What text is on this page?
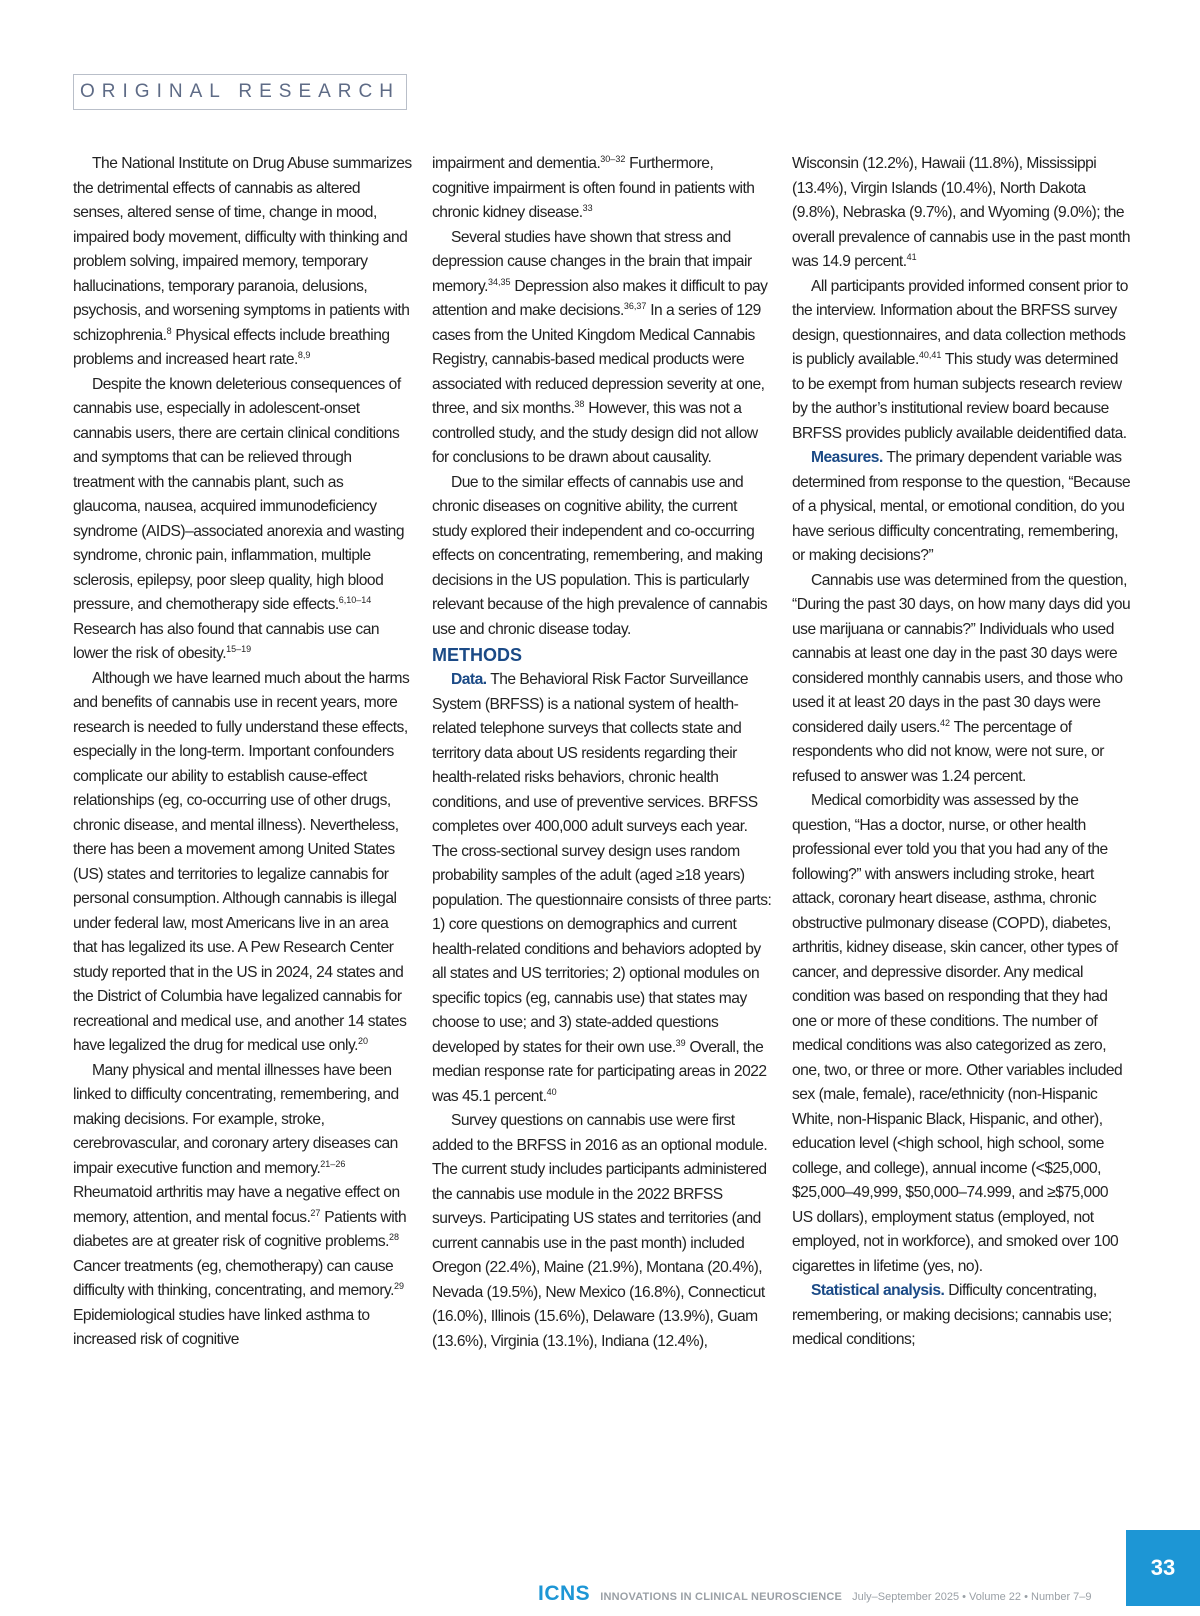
ORIGINAL RESEARCH

The National Institute on Drug Abuse summarizes the detrimental effects of cannabis as altered senses, altered sense of time, change in mood, impaired body movement, difficulty with thinking and problem solving, impaired memory, temporary hallucinations, temporary paranoia, delusions, psychosis, and worsening symptoms in patients with schizophrenia.$^8$ Physical effects include breathing problems and increased heart rate.$^{8,9}$

Despite the known deleterious consequences of cannabis use, especially in adolescent-onset cannabis users, there are certain clinical conditions and symptoms that can be relieved through treatment with the cannabis plant, such as glaucoma, nausea, acquired immunodeficiency syndrome (AIDS)–associated anorexia and wasting syndrome, chronic pain, inflammation, multiple sclerosis, epilepsy, poor sleep quality, high blood pressure, and chemotherapy side effects.$^{6,10-14}$ Research has also found that cannabis use can lower the risk of obesity.$^{15-19}$

Although we have learned much about the harms and benefits of cannabis use in recent years, more research is needed to fully understand these effects, especially in the long-term. Important confounders complicate our ability to establish cause-effect relationships (eg, co-occurring use of other drugs, chronic disease, and mental illness). Nevertheless, there has been a movement among United States (US) states and territories to legalize cannabis for personal consumption. Although cannabis is illegal under federal law, most Americans live in an area that has legalized its use. A Pew Research Center study reported that in the US in 2024, 24 states and the District of Columbia have legalized cannabis for recreational and medical use, and another 14 states have legalized the drug for medical use only.$^{20}$

Many physical and mental illnesses have been linked to difficulty concentrating, remembering, and making decisions. For example, stroke, cerebrovascular, and coronary artery diseases can impair executive function and memory.$^{21-26}$ Rheumatoid arthritis may have a negative effect on memory, attention, and mental focus.$^{27}$ Patients with diabetes are at greater risk of cognitive problems.$^{28}$ Cancer treatments (eg, chemotherapy) can cause difficulty with thinking, concentrating, and memory.$^{29}$ Epidemiological studies have linked asthma to increased risk of cognitive

impairment and dementia.$^{30-32}$ Furthermore, cognitive impairment is often found in patients with chronic kidney disease.$^{33}$

Several studies have shown that stress and depression cause changes in the brain that impair memory.$^{34,35}$ Depression also makes it difficult to pay attention and make decisions.$^{36,37}$ In a series of 129 cases from the United Kingdom Medical Cannabis Registry, cannabis-based medical products were associated with reduced depression severity at one, three, and six months.$^{38}$ However, this was not a controlled study, and the study design did not allow for conclusions to be drawn about causality.

Due to the similar effects of cannabis use and chronic diseases on cognitive ability, the current study explored their independent and co-occurring effects on concentrating, remembering, and making decisions in the US population. This is particularly relevant because of the high prevalence of cannabis use and chronic disease today.

METHODS

Data. The Behavioral Risk Factor Surveillance System (BRFSS) is a national system of health-related telephone surveys that collects state and territory data about US residents regarding their health-related risks behaviors, chronic health conditions, and use of preventive services. BRFSS completes over 400,000 adult surveys each year. The cross-sectional survey design uses random probability samples of the adult (aged ≥18 years) population. The questionnaire consists of three parts: 1) core questions on demographics and current health-related conditions and behaviors adopted by all states and US territories; 2) optional modules on specific topics (eg, cannabis use) that states may choose to use; and 3) state-added questions developed by states for their own use.$^{39}$ Overall, the median response rate for participating areas in 2022 was 45.1 percent.$^{40}$

Survey questions on cannabis use were first added to the BRFSS in 2016 as an optional module. The current study includes participants administered the cannabis use module in the 2022 BRFSS surveys. Participating US states and territories (and current cannabis use in the past month) included Oregon (22.4%), Maine (21.9%), Montana (20.4%), Nevada (19.5%), New Mexico (16.8%), Connecticut (16.0%), Illinois (15.6%), Delaware (13.9%), Guam (13.6%), Virginia (13.1%), Indiana (12.4%),

Wisconsin (12.2%), Hawaii (11.8%), Mississippi (13.4%), Virgin Islands (10.4%), North Dakota (9.8%), Nebraska (9.7%), and Wyoming (9.0%); the overall prevalence of cannabis use in the past month was 14.9 percent.$^{41}$

All participants provided informed consent prior to the interview. Information about the BRFSS survey design, questionnaires, and data collection methods is publicly available.$^{40,41}$ This study was determined to be exempt from human subjects research review by the author’s institutional review board because BRFSS provides publicly available deidentified data.

Measures. The primary dependent variable was determined from response to the question, “Because of a physical, mental, or emotional condition, do you have serious difficulty concentrating, remembering, or making decisions?”

Cannabis use was determined from the question, “During the past 30 days, on how many days did you use marijuana or cannabis?” Individuals who used cannabis at least one day in the past 30 days were considered monthly cannabis users, and those who used it at least 20 days in the past 30 days were considered daily users.$^{42}$ The percentage of respondents who did not know, were not sure, or refused to answer was 1.24 percent.

Medical comorbidity was assessed by the question, “Has a doctor, nurse, or other health professional ever told you that you had any of the following?” with answers including stroke, heart attack, coronary heart disease, asthma, chronic obstructive pulmonary disease (COPD), diabetes, arthritis, kidney disease, skin cancer, other types of cancer, and depressive disorder. Any medical condition was based on responding that they had one or more of these conditions. The number of medical conditions was also categorized as zero, one, two, or three or more. Other variables included sex (male, female), race/ethnicity (non-Hispanic White, non-Hispanic Black, Hispanic, and other), education level (<high school, high school, some college, and college), annual income (<$25,000, $25,000–49,999, $50,000–74.999, and ≥$75,000 US dollars), employment status (employed, not employed, not in workforce), and smoked over 100 cigarettes in lifetime (yes, no).

Statistical analysis. Difficulty concentrating, remembering, or making decisions; cannabis use; medical conditions;

ICNS INNOVATIONS IN CLINICAL NEUROSCIENCE July–September 2025 • Volume 22 • Number 7–9
33
